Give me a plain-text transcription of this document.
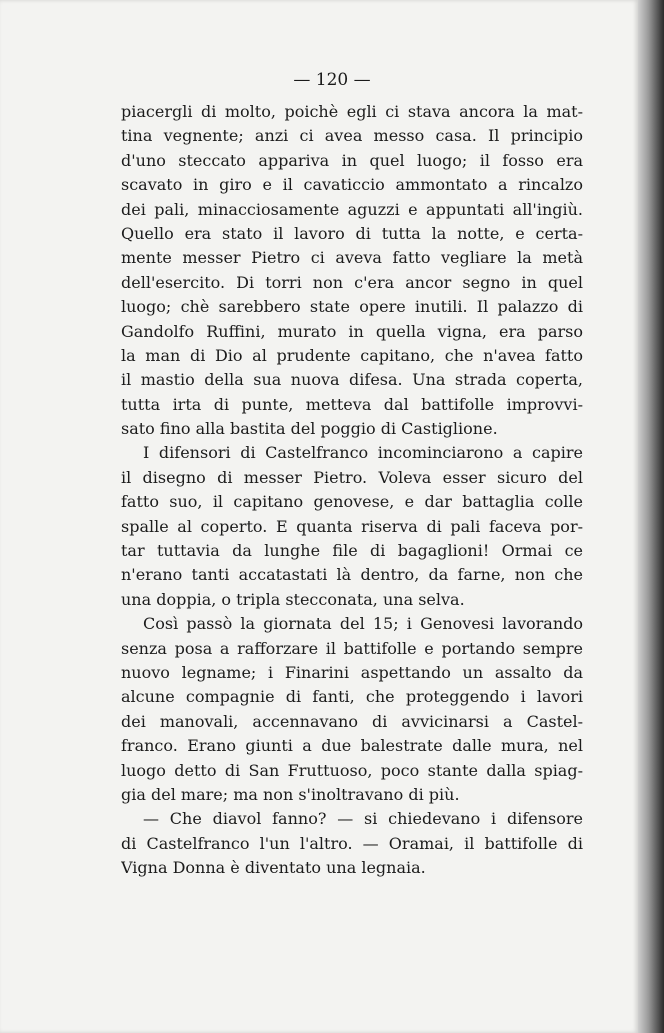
— 120 —
piacergli di molto, poichè egli ci stava ancora la mat-
tina vegnente; anzi ci avea messo casa. Il principio
d'uno steccato appariva in quel luogo; il fosso era
scavato in giro e il cavaticcio ammontato a rincalzo
dei pali, minacciosamente aguzzi e appuntati all'ingiù.
Quello era stato il lavoro di tutta la notte, e certa-
mente messer Pietro ci aveva fatto vegliare la metà
dell'esercito. Di torri non c'era ancor segno in quel
luogo; chè sarebbero state opere inutili. Il palazzo di
Gandolfo Ruffini, murato in quella vigna, era parso
la man di Dio al prudente capitano, che n'avea fatto
il mastio della sua nuova difesa. Una strada coperta,
tutta irta di punte, metteva dal battifolle improvvi-
sato fino alla bastita del poggio di Castiglione.
I difensori di Castelfranco incominciarono a capire
il disegno di messer Pietro. Voleva esser sicuro del
fatto suo, il capitano genovese, e dar battaglia colle
spalle al coperto. E quanta riserva di pali faceva por-
tar tuttavia da lunghe file di bagaglioni! Ormai ce
n'erano tanti accatastati là dentro, da farne, non che
una doppia, o tripla stecconata, una selva.
Così passò la giornata del 15; i Genovesi lavorando
senza posa a rafforzare il battifolle e portando sempre
nuovo legname; i Finarini aspettando un assalto da
alcune compagnie di fanti, che proteggendo i lavori
dei manovali, accennavano di avvicinarsi a Castel-
franco. Erano giunti a due balestrate dalle mura, nel
luogo detto di San Fruttuoso, poco stante dalla spiag-
gia del mare; ma non s'inoltravano di più.
— Che diavol fanno? — si chiedevano i difensore
di Castelfranco l'un l'altro. — Oramai, il battifolle di
Vigna Donna è diventato una legnaia.
